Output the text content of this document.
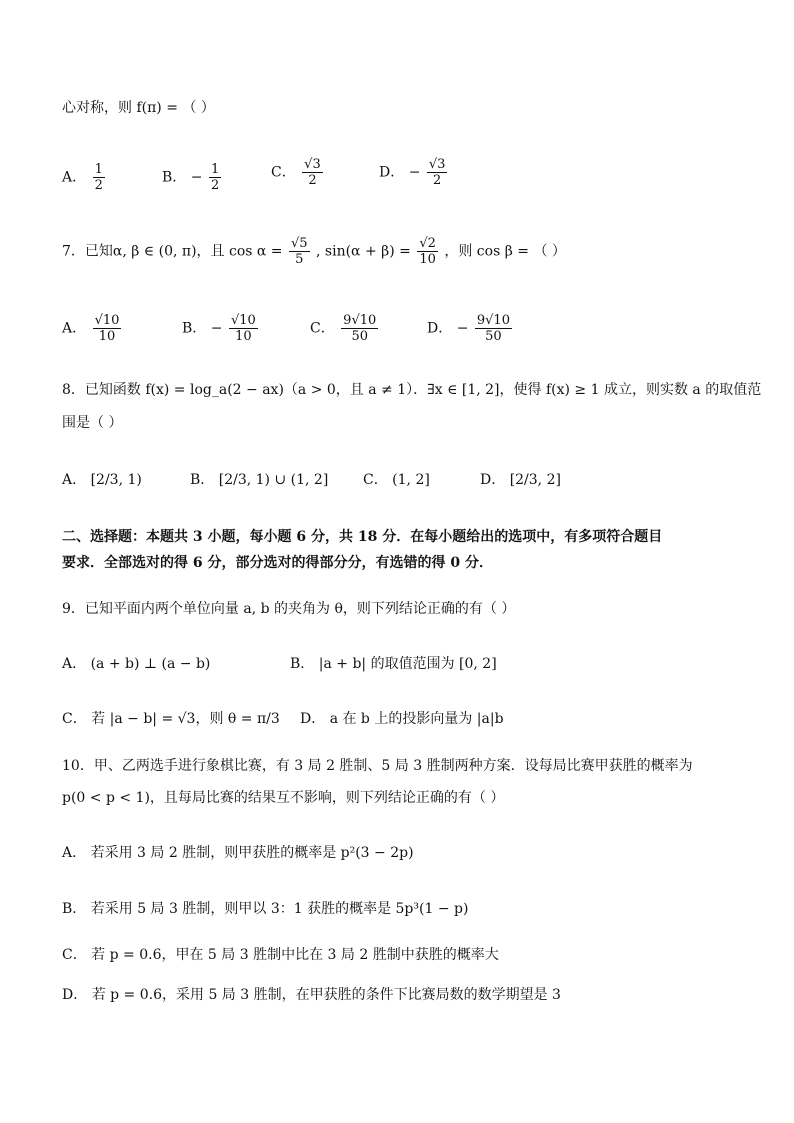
心对称，则 f(π) = （ ）
A． $\frac{1}{2}$	B． − $\frac{1}{2}$	C． $\frac{√3}{2}$	D． − $\frac{√3}{2}$
7．已知α, β ∈ (0, π)，且 $\cos \alpha = \frac{√5}{5}$ , $\sin(\alpha + \beta) = \frac{√2}{10}$ ，则 cos β = （ ）
A． $\frac{√10}{10}$	B． − $\frac{√10}{10}$	C． $\frac{9√10}{50}$	D． − $\frac{9√10}{50}$
8．已知函数 f(x) = log_a(2 − ax)（a > 0，且 a ≠ 1）．∃x ∈ [1, 2]，使得 f(x) ≥ 1 成立，则实数 a 的取值范
围是（ ）
A． [2/3, 1)	B． [2/3, 1) ∪ (1, 2] C． (1, 2]	D． [2/3, 2]
二、选择题：本题共 3 小题，每小题 6 分，共 18 分．在每小题给出的选项中，有多项符合题目
要求．全部选对的得 6 分，部分选对的得部分分，有选错的得 0 分．
9．已知平面内两个单位向量 a, b 的夹角为 θ，则下列结论正确的有（ ）
A． (a + b) ⊥ (a − b)	B． |a + b| 的取值范围为 [0, 2]
C． 若 |a − b| = √3，则 θ = π/3 D． a 在 b 上的投影向量为 |a|b
10．甲、乙两选手进行象棋比赛，有 3 局 2 胜制、5 局 3 胜制两种方案．设每局比赛甲获胜的概率为
p(0 < p < 1)，且每局比赛的结果互不影响，则下列结论正确的有（ ）
A． 若采用 3 局 2 胜制，则甲获胜的概率是 p²(3 − 2p)
B． 若采用 5 局 3 胜制，则甲以 3：1 获胜的概率是 5p³(1 − p)
C． 若 p = 0.6，甲在 5 局 3 胜制中比在 3 局 2 胜制中获胜的概率大
D． 若 p = 0.6，采用 5 局 3 胜制，在甲获胜的条件下比赛局数的数学期望是 3
